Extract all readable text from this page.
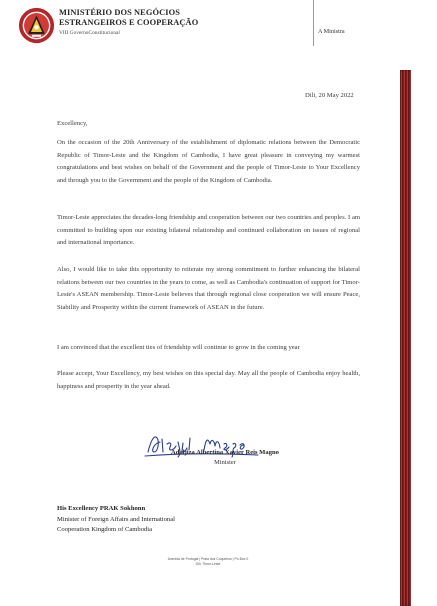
MINISTÉRIO DOS NEGÓCIOS
ESTRANGEIROS E COOPERAÇÃO
VIII GovernoConstitucional	A Ministra
Dili, 20 May 2022
Excellency,
On the occasion of the 20th Anniversary of the establishment of diplomatic relations between the Democratic Republic of Timor-Leste and the Kingdom of Cambodia, I have great pleasure in conveying my warmest congratulations and best wishes on behalf of the Government and the people of Timor-Leste to Your Excellency and through you to the Government and the people of the Kingdom of Cambodia.
Timor-Leste appreciates the decades-long friendship and cooperation between our two countries and peoples. I am committed to building upon our existing bilateral relationship and continued collaboration on issues of regional and international importance.
Also, I would like to take this opportunity to reiterate my strong commitment to further enhancing the bilateral relations between our two countries in the years to come, as well as Cambodia's continuation of support for Timor-Leste's ASEAN membership. Timor-Leste believes that through regional close cooperation we will ensure Peace, Stability and Prosperity within the current framework of ASEAN in the future.
I am convinced that the excellent ties of friendship will continue to grow in the coming year
Please accept, Your Excellency, my best wishes on this special day. May all the people of Cambodia enjoy health, happiness and prosperity in the year ahead.
Adaljiza Albertina Xavier Reis Magno
Minister
His Excellency PRAK Sokhonn
Minister of Foreign Affairs and International
Cooperation Kingdom of Cambodia
Avenida de Portugal | Praia dos Coqueiros | Po Box 0
Díli, Timor-Leste
